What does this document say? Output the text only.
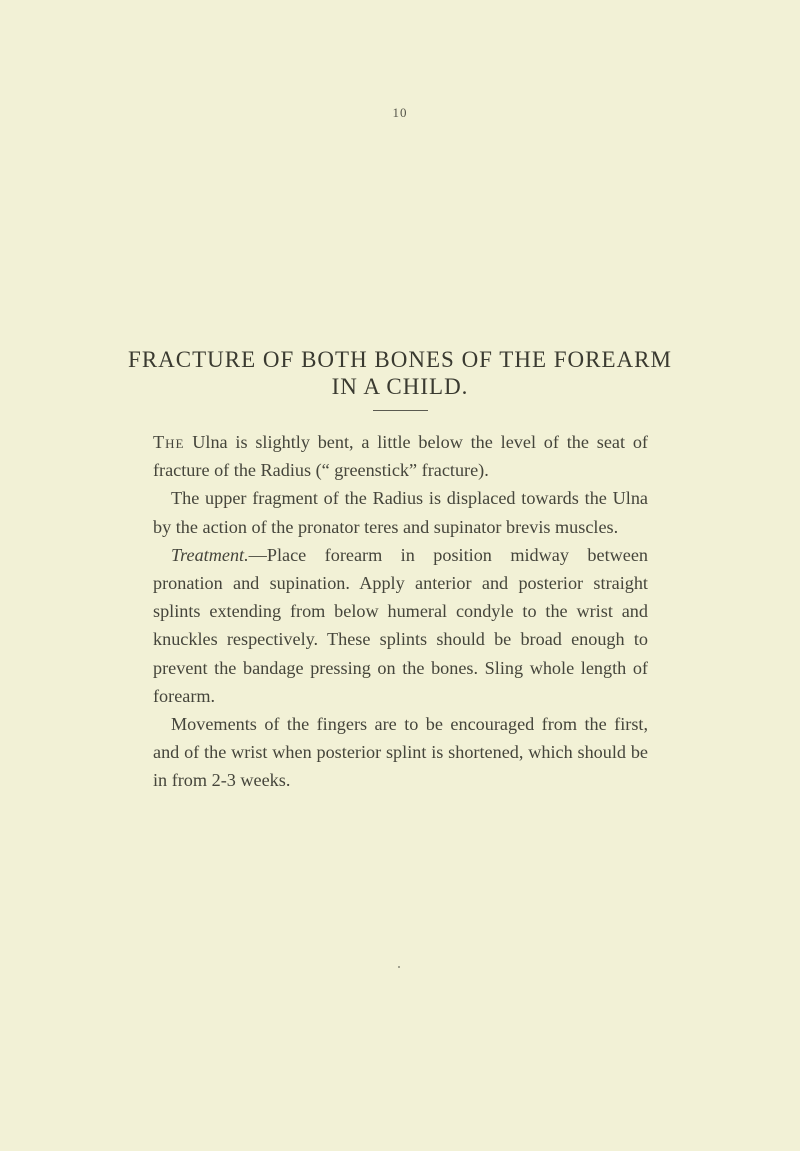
10
FRACTURE OF BOTH BONES OF THE FOREARM
IN A CHILD.

The Ulna is slightly bent, a little below the level of the seat of fracture of the Radius (“ greenstick” fracture).

The upper fragment of the Radius is displaced towards the Ulna by the action of the pronator teres and supinator brevis muscles.

Treatment.—Place forearm in position midway between pronation and supination. Apply anterior and posterior straight splints extending from below humeral condyle to the wrist and knuckles respectively. These splints should be broad enough to prevent the bandage pressing on the bones. Sling whole length of forearm.

Movements of the fingers are to be encouraged from the first, and of the wrist when posterior splint is shortened, which should be in from 2-3 weeks.
